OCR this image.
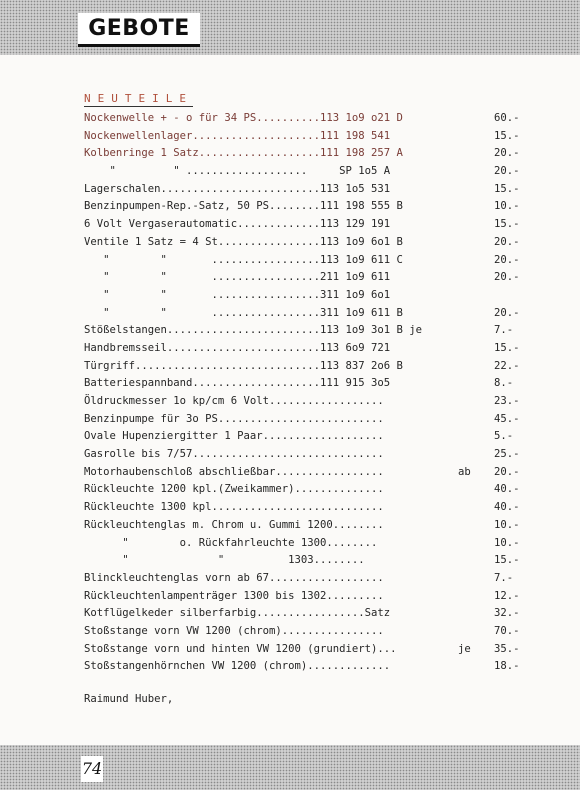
GEBOTE
NEUTEILE
Nockenwelle + - o für 34 PS..........113 1o9 o21 D	60.-
Nockenwellenlager....................111 198 541	15.-
Kolbenringe 1 Satz...................111 198 257 A	20.-
"         " ...................     SP 1o5 A	20.-
Lagerschalen.........................113 1o5 531	15.-
Benzinpumpen-Rep.-Satz, 50 PS........111 198 555 B	10.-
6 Volt Vergaserautomatic.............113 129 191	15.-
Ventile 1 Satz = 4 St................113 1o9 6o1 B	20.-
"        "       .................113 1o9 611 C	20.-
"        "       .................211 1o9 611	20.-
"        "       .................311 1o9 6o1
"        "       .................311 1o9 611 B	20.-
Stößelstangen........................113 1o9 3o1 B je	7.-
Handbremsseil........................113 6o9 721	15.-
Türgriff.............................113 837 2o6 B	22.-
Batteriespannband....................111 915 3o5	8.-
Öldruckmesser 1o kp/cm 6 Volt..................	23.-
Benzinpumpe für 3o PS..........................	45.-
Ovale Hupenziergitter 1 Paar...................	5.-
Gasrolle bis 7/57..............................	25.-
Motorhaubenschloß abschließbar.................	ab 20.-
Rückleuchte 1200 kpl.(Zweikammer)..............	40.-
Rückleuchte 1300 kpl...........................	40.-
Rückleuchtenglas m. Chrom u. Gummi 1200........	10.-
"        o. Rückfahrleuchte 1300........	10.-
"              "          1303........	15.-
Blinckleuchtenglas vorn ab 67..................	7.-
Rückleuchtenlampenträger 1300 bis 1302.........	12.-
Kotflügelkeder silberfarbig.................Satz	32.-
Stoßstange vorn VW 1200 (chrom)................	70.-
Stoßstange vorn und hinten VW 1200 (grundiert)...	je 35.-
Stoßstangenhörnchen VW 1200 (chrom).............	18.-
Raimund Huber,
74
